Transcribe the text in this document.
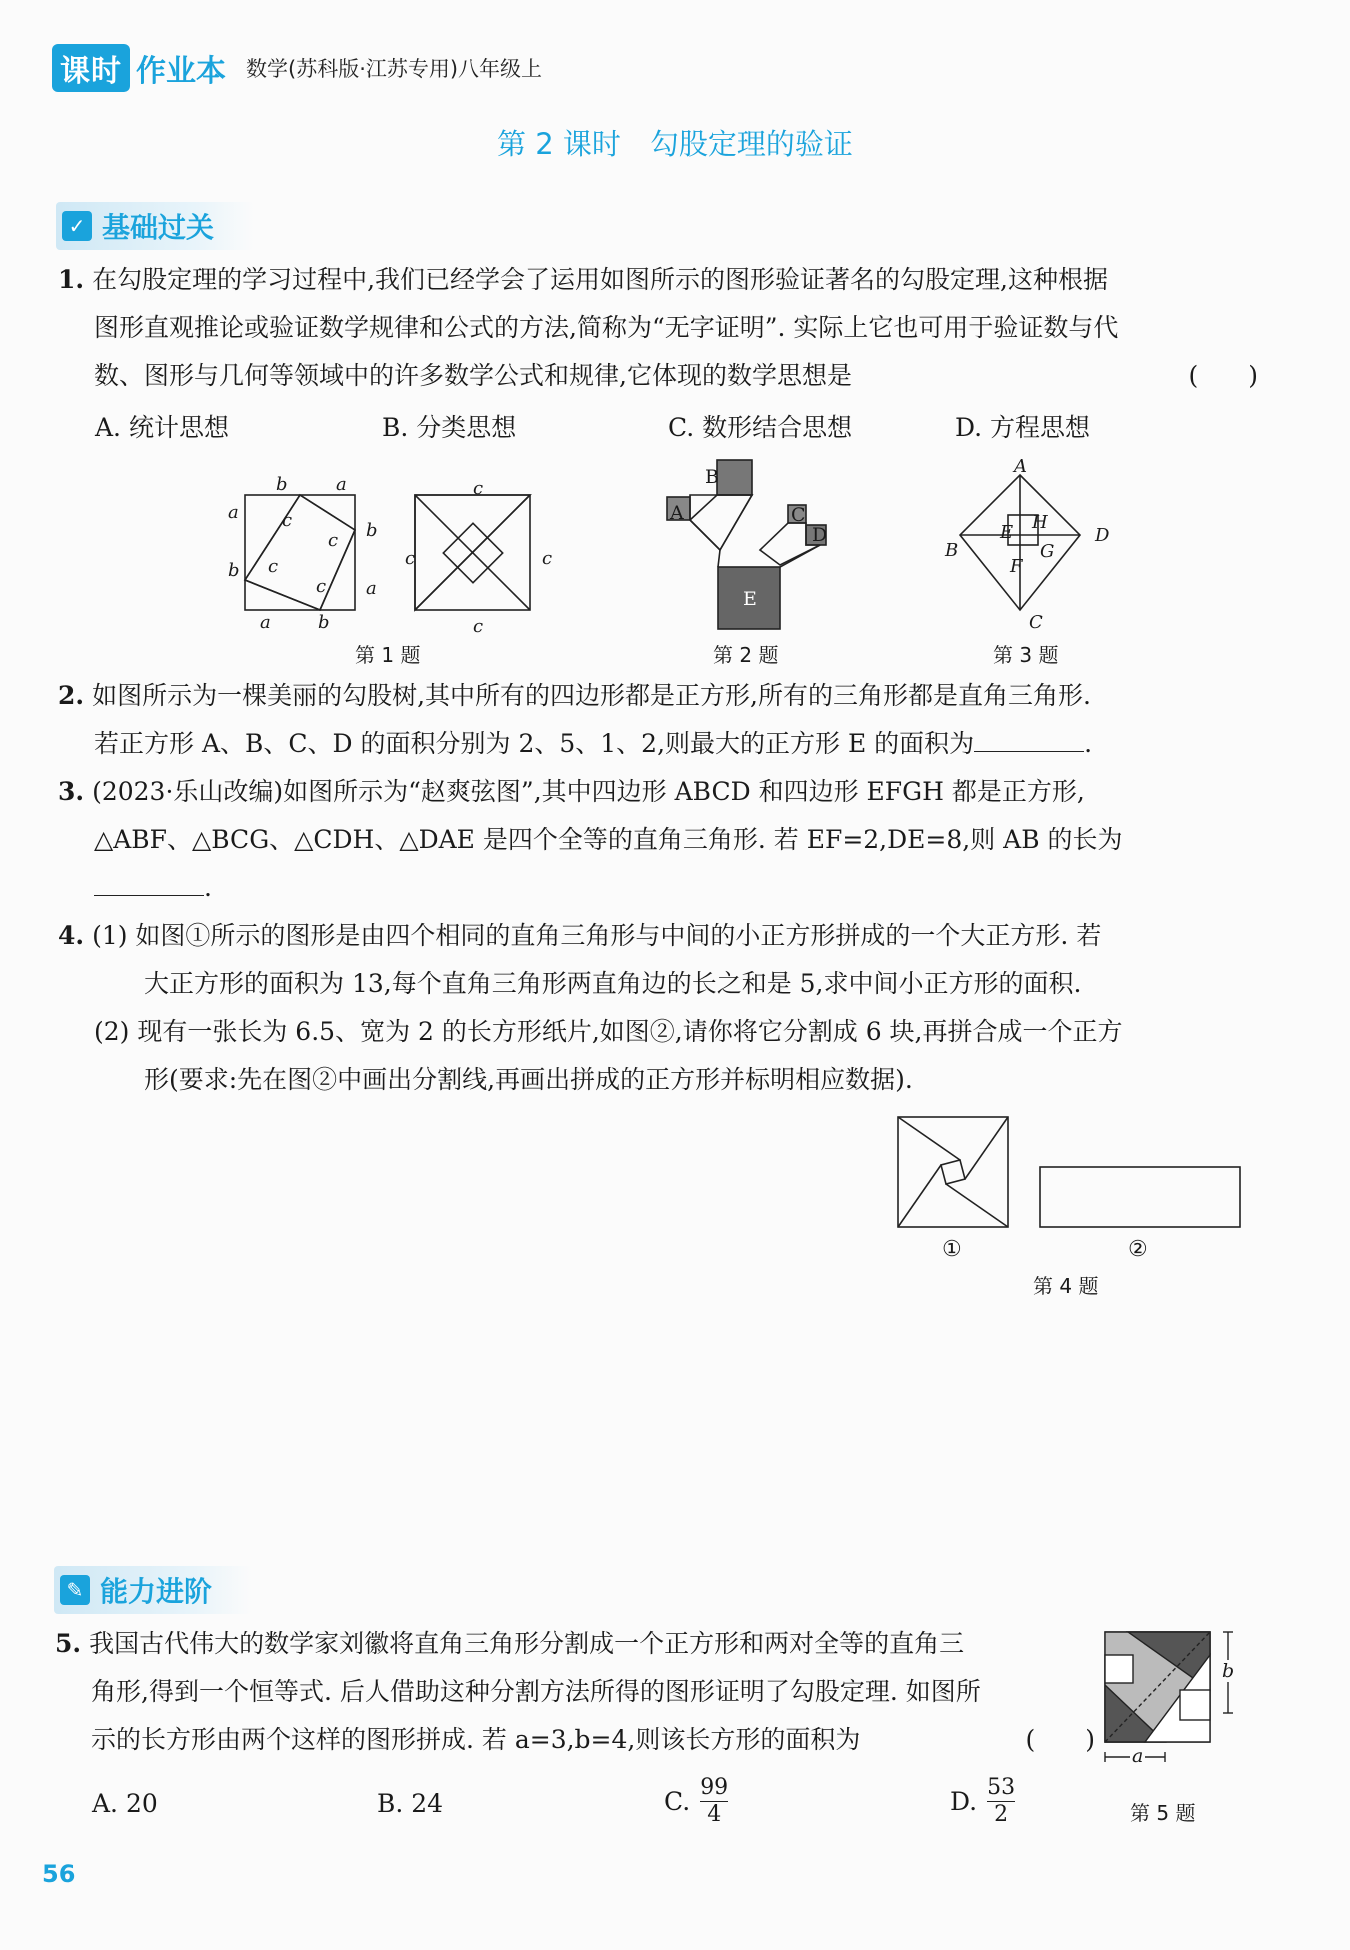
课时 作业本 数学(苏科版·江苏专用)八年级上
第 2 课时　勾股定理的验证
✓ 基础过关
1. 在勾股定理的学习过程中,我们已经学会了运用如图所示的图形验证著名的勾股定理,这种根据
图形直观推论或验证数学规律和公式的方法,简称为“无字证明”. 实际上它也可用于验证数与代
数、图形与几何等领域中的许多数学公式和规律,它体现的数学思想是	(　　)
A. 统计思想	B. 分类思想	C. 数形结合思想	D. 方程思想
b	a
a
b
b
a
a	b
c
c
c
c
c
c
c	c
第 1 题
B
A	C
D
E
第 2 题
A
B
C
D
E
F
G
H
第 3 题
2. 如图所示为一棵美丽的勾股树,其中所有的四边形都是正方形,所有的三角形都是直角三角形.
若正方形 A、B、C、D 的面积分别为 2、5、1、2,则最大的正方形 E 的面积为	.
3. (2023·乐山改编)如图所示为“赵爽弦图”,其中四边形 ABCD 和四边形 EFGH 都是正方形,
△ABF、△BCG、△CDH、△DAE 是四个全等的直角三角形. 若 EF=2,DE=8,则 AB 的长为
.
4. (1) 如图①所示的图形是由四个相同的直角三角形与中间的小正方形拼成的一个大正方形. 若
大正方形的面积为 13,每个直角三角形两直角边的长之和是 5,求中间小正方形的面积.
(2) 现有一张长为 6.5、宽为 2 的长方形纸片,如图②,请你将它分割成 6 块,再拼合成一个正方
形(要求:先在图②中画出分割线,再画出拼成的正方形并标明相应数据).
①	②
第 4 题
✎ 能力进阶
5. 我国古代伟大的数学家刘徽将直角三角形分割成一个正方形和两对全等的直角三
角形,得到一个恒等式. 后人借助这种分割方法所得的图形证明了勾股定理. 如图所
示的长方形由两个这样的图形拼成. 若 a=3,b=4,则该长方形的面积为	(　　)
A. 20	B. 24	C. $\frac{99}{4}$	D. $\frac{53}{2}$
b
a
第 5 题
56
